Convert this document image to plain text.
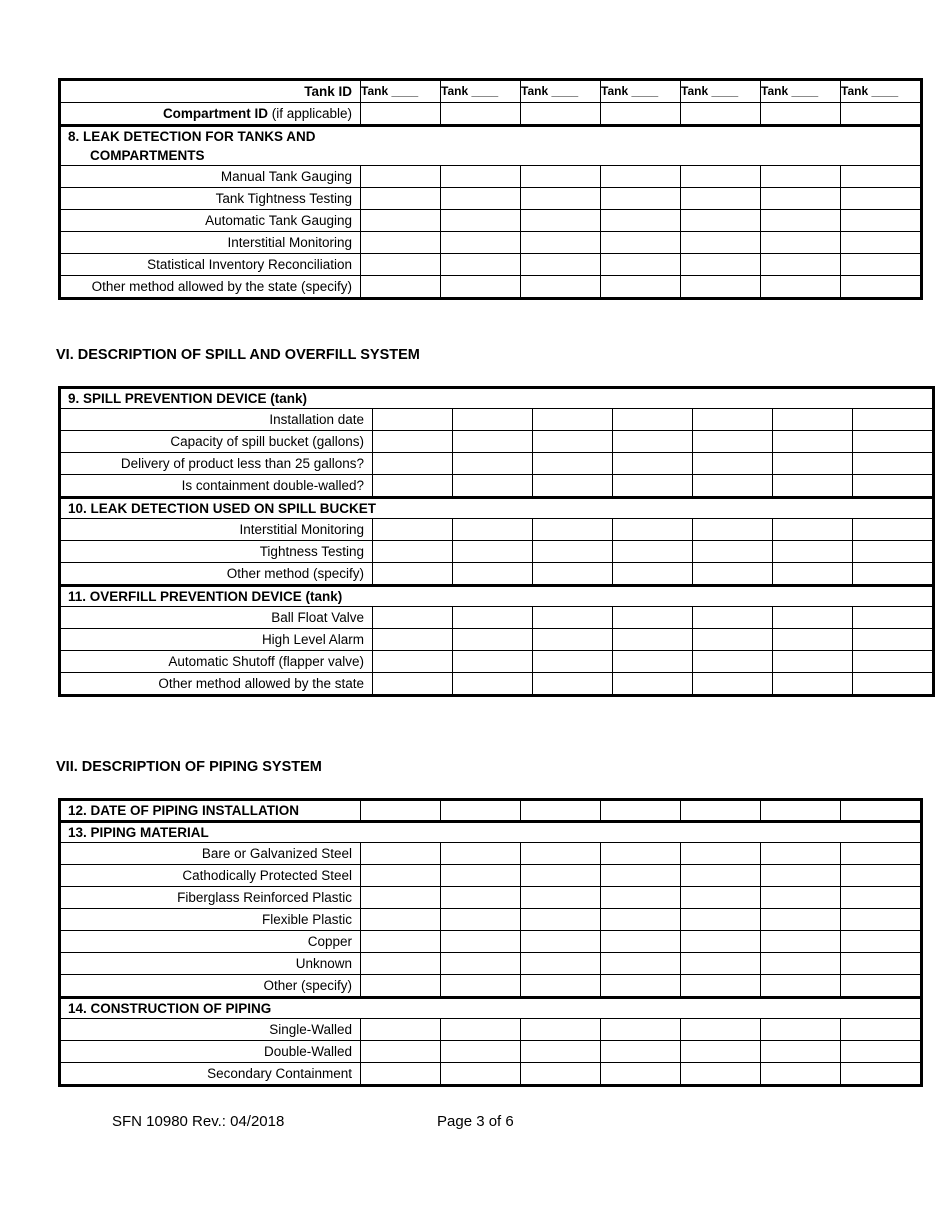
Tank ID	Tank ____	Tank ____	Tank ____	Tank ____	Tank ____	Tank ____	Tank ____
Compartment ID (if applicable)							

8. LEAK DETECTION FOR TANKS AND
COMPARTMENTS							

Manual Tank Gauging							
Tank Tightness Testing							
Automatic Tank Gauging							
Interstitial Monitoring							
Statistical Inventory Reconciliation							
Other method allowed by the state (specify)							
VI. DESCRIPTION OF SPILL AND OVERFILL SYSTEM
9. SPILL PREVENTION DEVICE (tank)							
Installation date							
Capacity of spill bucket (gallons)							
Delivery of product less than 25 gallons?							
Is containment double-walled?							
10. LEAK DETECTION USED ON SPILL BUCKET							
Interstitial Monitoring							
Tightness Testing							
Other method (specify)							
11. OVERFILL PREVENTION DEVICE (tank)							
Ball Float Valve							
High Level Alarm							
Automatic Shutoff (flapper valve)							
Other method allowed by the state							
VII. DESCRIPTION OF PIPING SYSTEM
12. DATE OF PIPING INSTALLATION							
13. PIPING MATERIAL							
Bare or Galvanized Steel							
Cathodically Protected Steel							
Fiberglass Reinforced Plastic							
Flexible Plastic							
Copper							
Unknown							
Other (specify)							
14. CONSTRUCTION OF PIPING							
Single-Walled							
Double-Walled							
Secondary Containment							
SFN 10980 Rev.: 04/2018	Page 3 of 6
